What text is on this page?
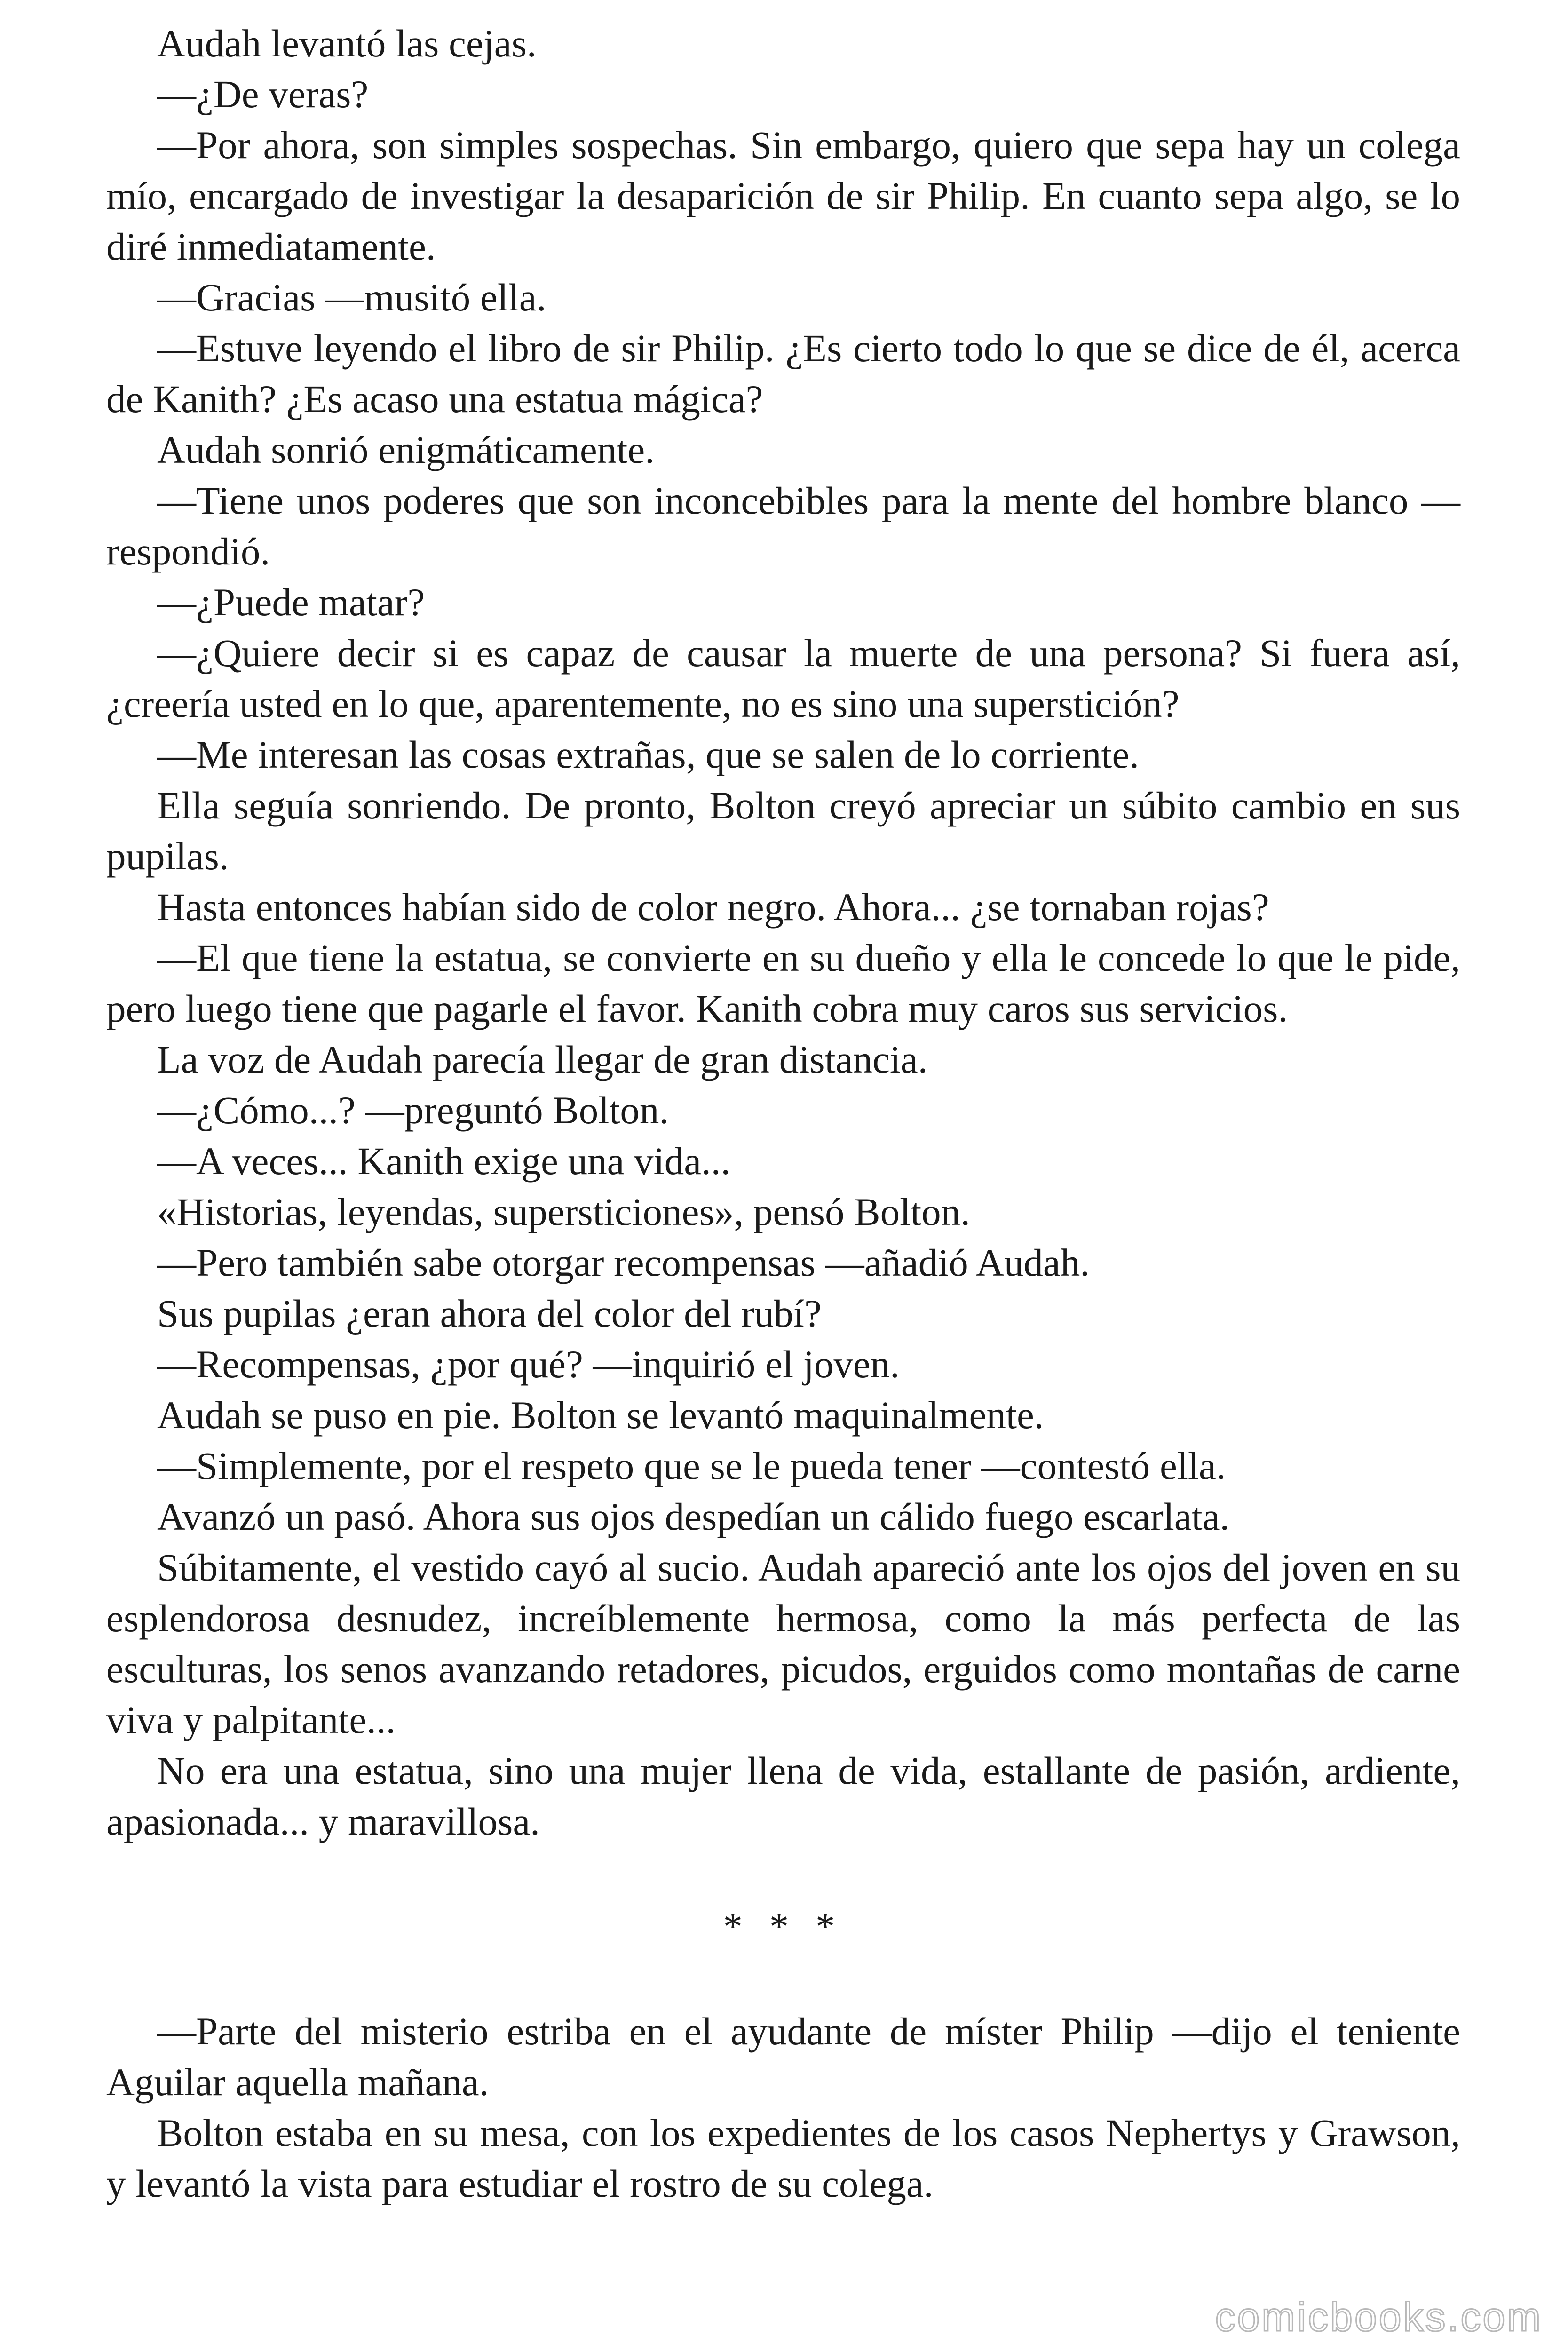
Audah levantó las cejas.

—¿De veras?

—Por ahora, son simples sospechas. Sin embargo, quiero que sepa hay un colega mío, encargado de investigar la desaparición de sir Philip. En cuanto sepa algo, se lo diré inmediatamente.

—Gracias —musitó ella.

—Estuve leyendo el libro de sir Philip. ¿Es cierto todo lo que se dice de él, acerca de Kanith? ¿Es acaso una estatua mágica?

Audah sonrió enigmáticamente.

—Tiene unos poderes que son inconcebibles para la mente del hombre blanco —respondió.

—¿Puede matar?

—¿Quiere decir si es capaz de causar la muerte de una persona? Si fuera así, ¿creería usted en lo que, aparentemente, no es sino una superstición?

—Me interesan las cosas extrañas, que se salen de lo corriente.

Ella seguía sonriendo. De pronto, Bolton creyó apreciar un súbito cambio en sus pupilas.

Hasta entonces habían sido de color negro. Ahora... ¿se tornaban rojas?

—El que tiene la estatua, se convierte en su dueño y ella le concede lo que le pide, pero luego tiene que pagarle el favor. Kanith cobra muy caros sus servicios.

La voz de Audah parecía llegar de gran distancia.

—¿Cómo...? —preguntó Bolton.

—A veces... Kanith exige una vida...

«Historias, leyendas, supersticiones», pensó Bolton.

—Pero también sabe otorgar recompensas —añadió Audah.

Sus pupilas ¿eran ahora del color del rubí?

—Recompensas, ¿por qué? —inquirió el joven.

Audah se puso en pie. Bolton se levantó maquinalmente.

—Simplemente, por el respeto que se le pueda tener —contestó ella.

Avanzó un pasó. Ahora sus ojos despedían un cálido fuego escarlata.

Súbitamente, el vestido cayó al sucio. Audah apareció ante los ojos del joven en su esplendorosa desnudez, increíblemente hermosa, como la más perfecta de las esculturas, los senos avanzando retadores, picudos, erguidos como montañas de carne viva y palpitante...

No era una estatua, sino una mujer llena de vida, estallante de pasión, ardiente, apasionada... y maravillosa.

* * *

—Parte del misterio estriba en el ayudante de míster Philip —dijo el teniente Aguilar aquella mañana.

Bolton estaba en su mesa, con los expedientes de los casos Nephertys y Grawson, y levantó la vista para estudiar el rostro de su colega.

comicbooks.com
